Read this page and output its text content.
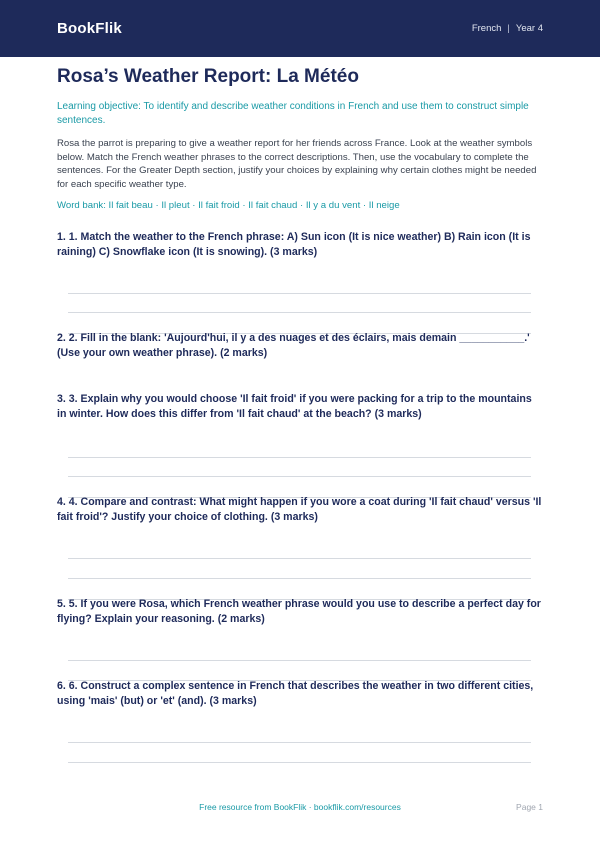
BookFlik	French | Year 4
Rosa’s Weather Report: La Météo

Learning objective: To identify and describe weather conditions in French and use them to construct simple sentences.

Rosa the parrot is preparing to give a weather report for her friends across France. Look at the weather symbols below. Match the French weather phrases to the correct descriptions. Then, use the vocabulary to complete the sentences. For the Greater Depth section, justify your choices by explaining why certain clothes might be needed for each specific weather type.

Word bank: Il fait beau · Il pleut · Il fait froid · Il fait chaud · Il y a du vent · Il neige

1. 1. Match the weather to the French phrase: A) Sun icon (It is nice weather) B) Rain icon (It is raining) C) Snowflake icon (It is snowing). (3 marks)

2. 2. Fill in the blank: 'Aujourd'hui, il y a des nuages et des éclairs, mais demain ___________.' (Use your own weather phrase). (2 marks)

3. 3. Explain why you would choose 'Il fait froid' if you were packing for a trip to the mountains in winter. How does this differ from 'Il fait chaud' at the beach? (3 marks)

4. 4. Compare and contrast: What might happen if you wore a coat during 'Il fait chaud' versus 'Il fait froid'? Justify your choice of clothing. (3 marks)

5. 5. If you were Rosa, which French weather phrase would you use to describe a perfect day for flying? Explain your reasoning. (2 marks)

6. 6. Construct a complex sentence in French that describes the weather in two different cities, using 'mais' (but) or 'et' (and). (3 marks)

Free resource from BookFlik · bookflik.com/resources	Page 1
